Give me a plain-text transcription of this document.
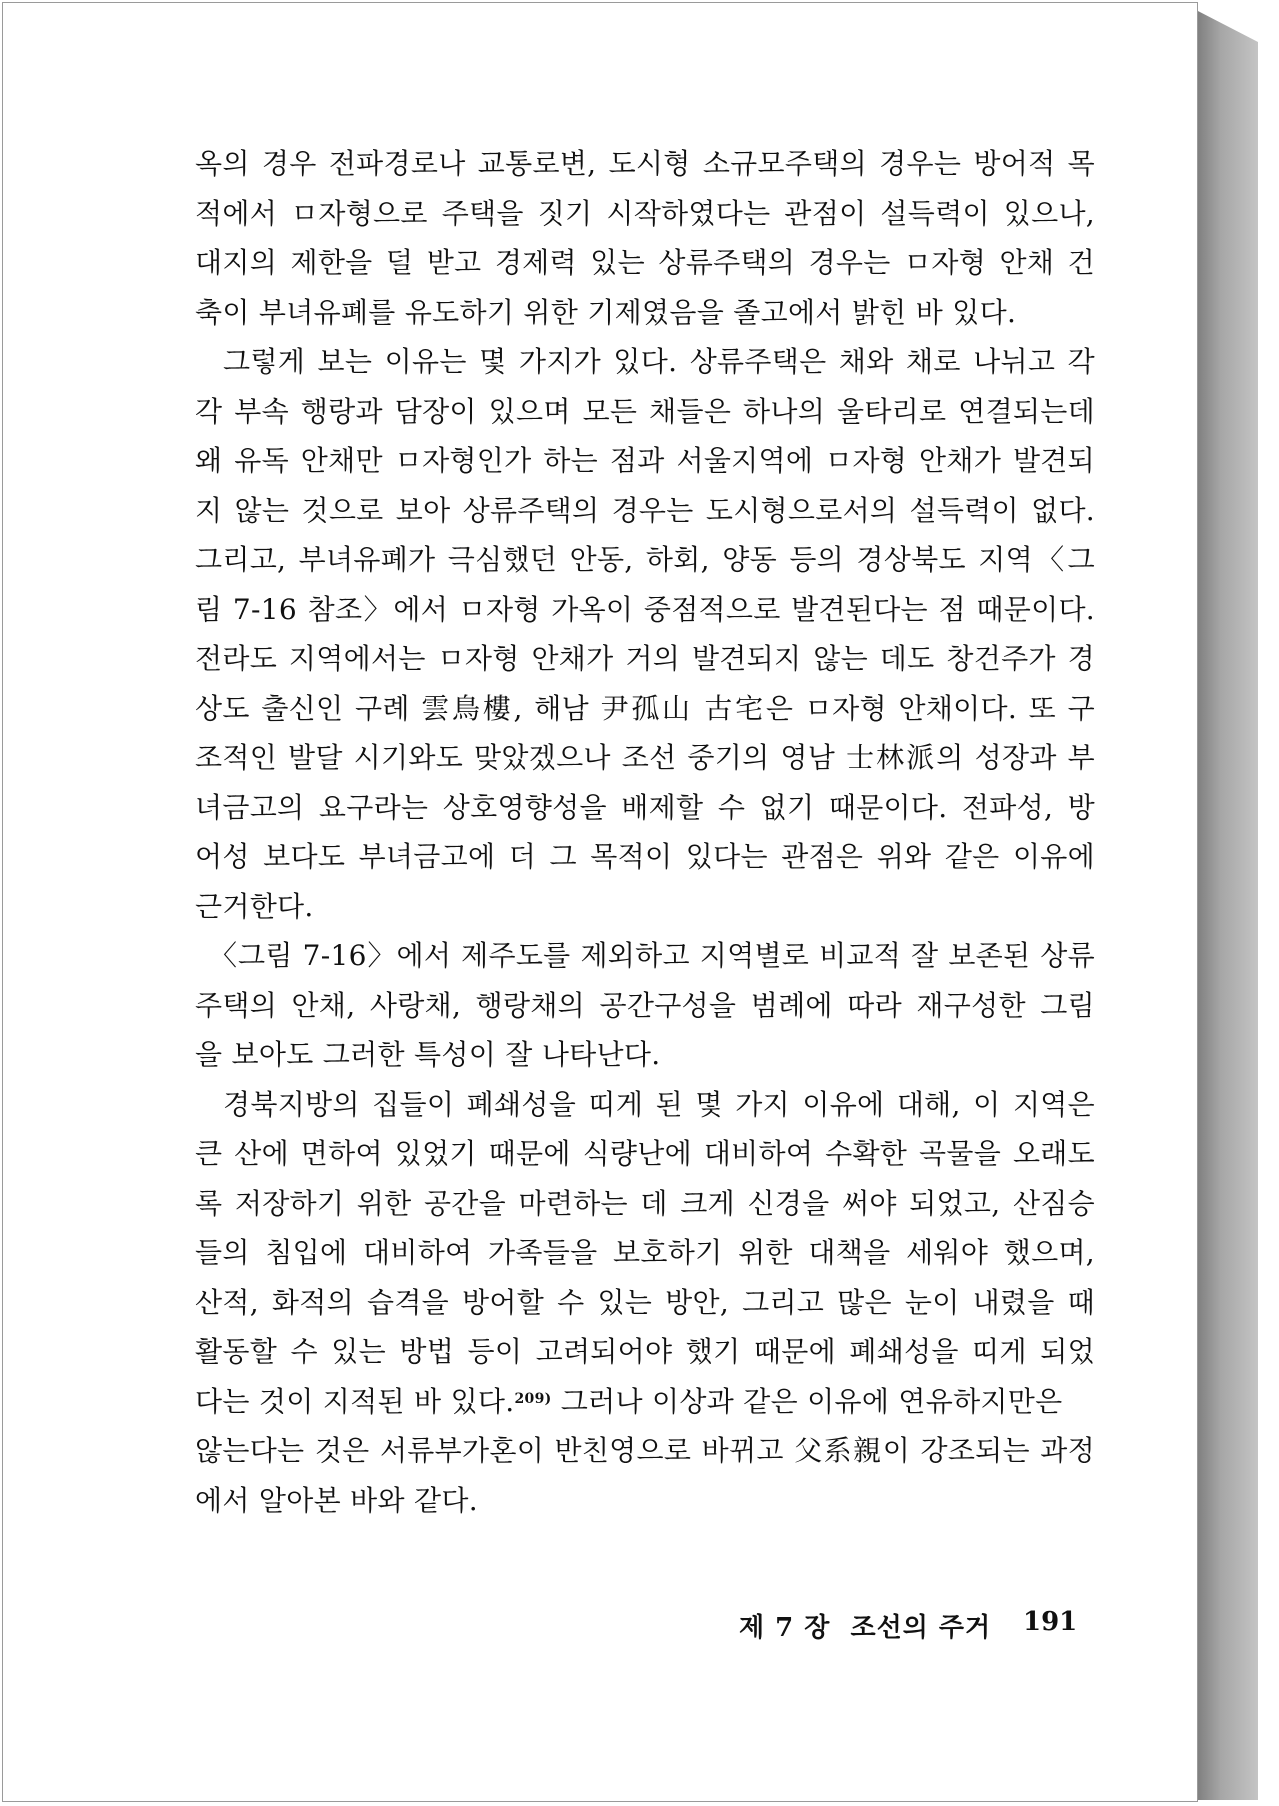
옥의 경우 전파경로나 교통로변, 도시형 소규모주택의 경우는 방어적 목
적에서 ㅁ자형으로 주택을 짓기 시작하였다는 관점이 설득력이 있으나,
대지의 제한을 덜 받고 경제력 있는 상류주택의 경우는 ㅁ자형 안채 건
축이 부녀유폐를 유도하기 위한 기제였음을 졸고에서 밝힌 바 있다.
그렇게 보는 이유는 몇 가지가 있다. 상류주택은 채와 채로 나뉘고 각
각 부속 행랑과 담장이 있으며 모든 채들은 하나의 울타리로 연결되는데
왜 유독 안채만 ㅁ자형인가 하는 점과 서울지역에 ㅁ자형 안채가 발견되
지 않는 것으로 보아 상류주택의 경우는 도시형으로서의 설득력이 없다.
그리고, 부녀유폐가 극심했던 안동, 하회, 양동 등의 경상북도 지역〈그
림 7-16 참조〉에서 ㅁ자형 가옥이 중점적으로 발견된다는 점 때문이다.
전라도 지역에서는 ㅁ자형 안채가 거의 발견되지 않는 데도 창건주가 경
상도 출신인 구례 雲鳥樓, 해남 尹孤山 古宅은 ㅁ자형 안채이다. 또 구
조적인 발달 시기와도 맞았겠으나 조선 중기의 영남 士林派의 성장과 부
녀금고의 요구라는 상호영향성을 배제할 수 없기 때문이다. 전파성, 방
어성 보다도 부녀금고에 더 그 목적이 있다는 관점은 위와 같은 이유에
근거한다.
〈그림 7-16〉에서 제주도를 제외하고 지역별로 비교적 잘 보존된 상류
주택의 안채, 사랑채, 행랑채의 공간구성을 범례에 따라 재구성한 그림
을 보아도 그러한 특성이 잘 나타난다.
경북지방의 집들이 폐쇄성을 띠게 된 몇 가지 이유에 대해, 이 지역은
큰 산에 면하여 있었기 때문에 식량난에 대비하여 수확한 곡물을 오래도
록 저장하기 위한 공간을 마련하는 데 크게 신경을 써야 되었고, 산짐승
들의 침입에 대비하여 가족들을 보호하기 위한 대책을 세워야 했으며,
산적, 화적의 습격을 방어할 수 있는 방안, 그리고 많은 눈이 내렸을 때
활동할 수 있는 방법 등이 고려되어야 했기 때문에 폐쇄성을 띠게 되었
다는 것이 지적된 바 있다.$^{209)}$ 그러나 이상과 같은 이유에 연유하지만은
않는다는 것은 서류부가혼이 반친영으로 바뀌고 父系親이 강조되는 과정
에서 알아본 바와 같다.
제 7 장  조선의 주거 191
